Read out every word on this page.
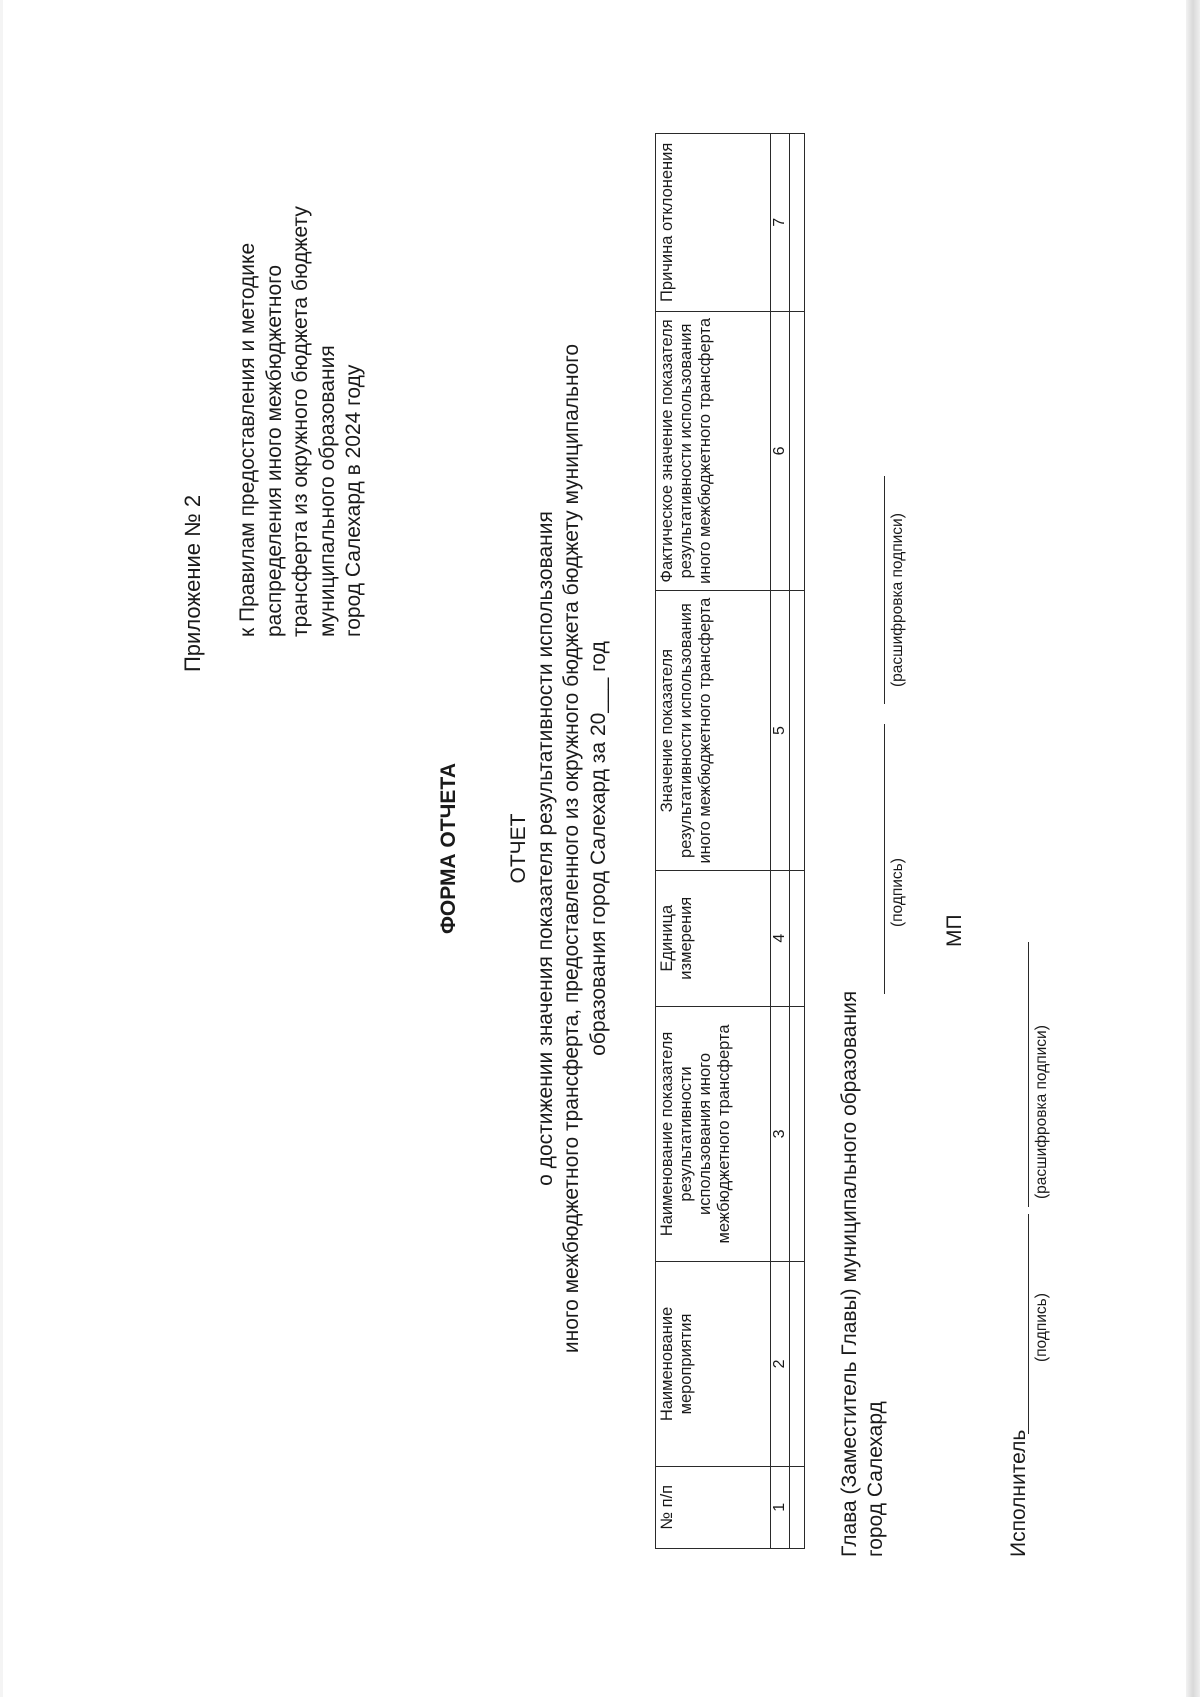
Приложение № 2 к Правилам предоставления и методике распределения иного межбюджетного трансферта из окружного бюджета бюджету муниципального образования город Салехард в 2024 году
ФОРМА ОТЧЕТА ОТЧЕТ о достижении значения показателя результативности использования иного межбюджетного трансферта, предоставленного из окружного бюджета бюджету муниципального образования город Салехард за 20___ год
№ п/п	Наименование мероприятия	Наименование показателя результативности использования иного межбюджетного трансферта	Единица измерения	Значение показателя результативности использования иного межбюджетного трансферта	Фактическое значение показателя результативности использования иного межбюджетного трансферта	Причина отклонения
1	2	3	4	5	6	7

Глава (Заместитель Главы) муниципального образования город Салехард
(подпись)
(расшифровка подписи)
МП
Исполнитель
(подпись)
(расшифровка подписи)
